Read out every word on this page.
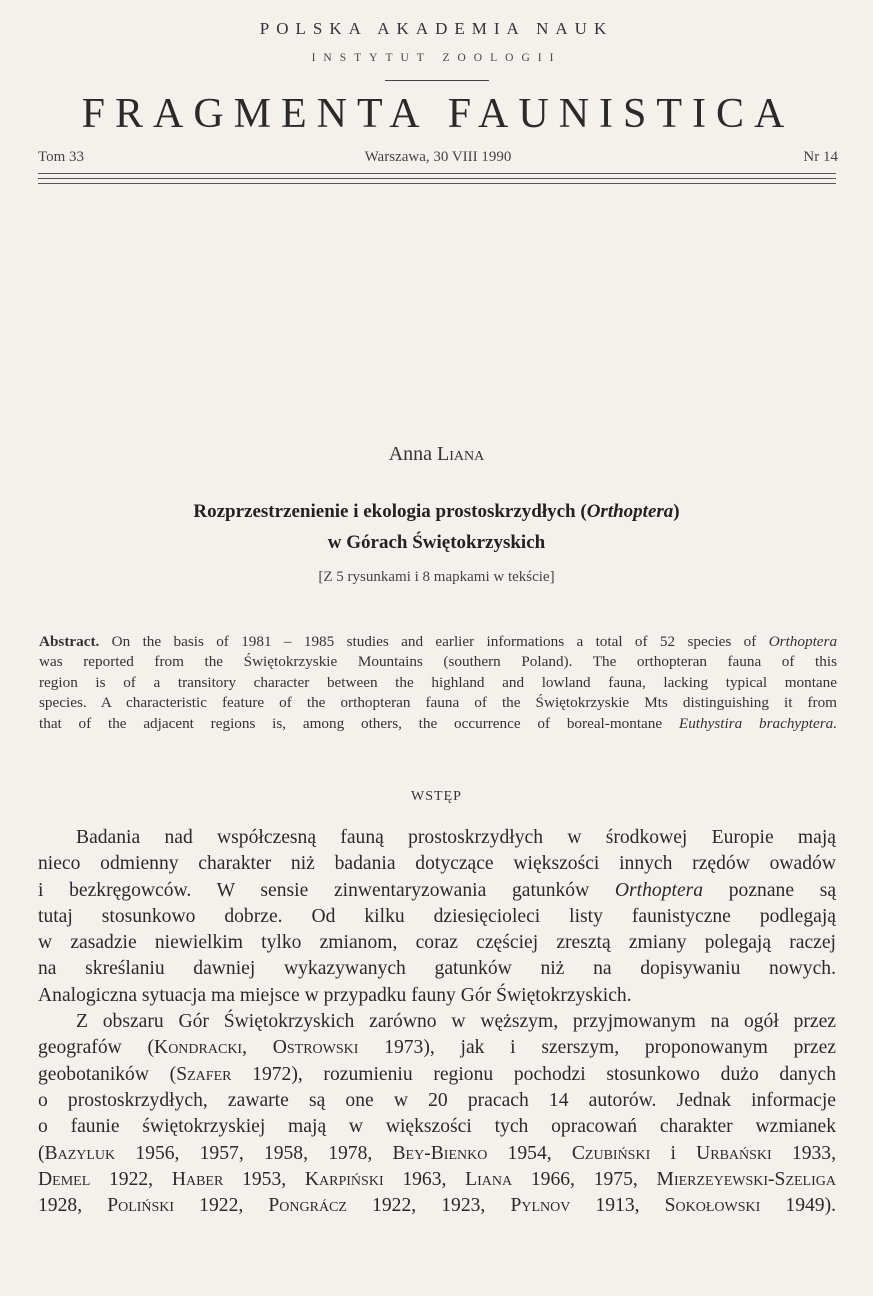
POLSKA AKADEMIA NAUK
INSTYTUT ZOOLOGII
FRAGMENTA FAUNISTICA
Tom 33	Warszawa, 30 VIII 1990	Nr 14
Anna Liana
Rozprzestrzenienie i ekologia prostoskrzydłych (Orthoptera)
w Górach Świętokrzyskich
[Z 5 rysunkami i 8 mapkami w tekście]
Abstract. On the basis of 1981 – 1985 studies and earlier informations a total of 52 species of Orthoptera
was reported from the Świętokrzyskie Mountains (southern Poland). The orthopteran fauna of this
region is of a transitory character between the highland and lowland fauna, lacking typical montane
species. A characteristic feature of the orthopteran fauna of the Świętokrzyskie Mts distinguishing it from
that of the adjacent regions is, among others, the occurrence of boreal-montane Euthystira brachyptera.
WSTĘP
Badania nad współczesną fauną prostoskrzydłych w środkowej Europie mają
nieco odmienny charakter niż badania dotyczące większości innych rzędów owadów
i bezkręgowców. W sensie zinwentaryzowania gatunków Orthoptera poznane są
tutaj stosunkowo dobrze. Od kilku dziesięcioleci listy faunistyczne podlegają
w zasadzie niewielkim tylko zmianom, coraz częściej zresztą zmiany polegają raczej
na skreślaniu dawniej wykazywanych gatunków niż na dopisywaniu nowych.
Analogiczna sytuacja ma miejsce w przypadku fauny Gór Świętokrzyskich.
Z obszaru Gór Świętokrzyskich zarówno w węższym, przyjmowanym na ogół przez
geografów (Kondracki, Ostrowski 1973), jak i szerszym, proponowanym przez
geobotaników (Szafer 1972), rozumieniu regionu pochodzi stosunkowo dużo danych
o prostoskrzydłych, zawarte są one w 20 pracach 14 autorów. Jednak informacje
o faunie świętokrzyskiej mają w większości tych opracowań charakter wzmianek
(Bazyluk 1956, 1957, 1958, 1978, Bey-Bienko 1954, Czubiński i Urbański 1933,
Demel 1922, Haber 1953, Karpiński 1963, Liana 1966, 1975, Mierzeyewski-Szeliga
1928, Poliński 1922, Pongrácz 1922, 1923, Pylnov 1913, Sokołowski 1949).
